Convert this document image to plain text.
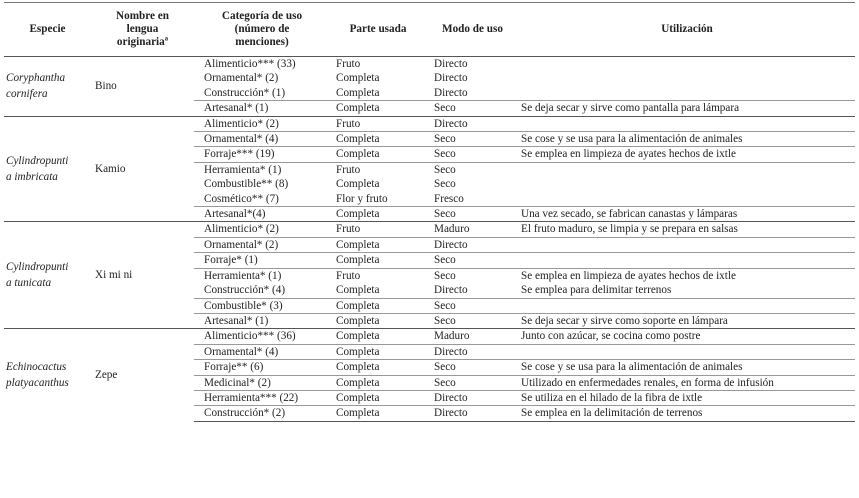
Especie	Nombre en
lengua
originariaª	Categoría de uso
(número de
menciones)	Parte usada	Modo de uso	Utilización
Coryphantha
cornifera	Bino	Alimenticio*** (33)	Fruto	Directo	
		Ornamental* (2)	Completa	Directo	
		Construcción* (1)	Completa	Directo	
		Artesanal* (1)	Completa	Seco	Se deja secar y sirve como pantalla para lámpara
Cylindropunti
a imbricata	Kamio	Alimenticio* (2)	Fruto	Directo	
		Ornamental* (4)	Completa	Seco	Se cose y se usa para la alimentación de animales
		Forraje*** (19)	Completa	Seco	Se emplea en limpieza de ayates hechos de ixtle
		Herramienta* (1)	Fruto	Seco	
		Combustible** (8)	Completa	Seco	
		Cosmético** (7)	Flor y fruto	Fresco	
		Artesanal*(4)	Completa	Seco	Una vez secado, se fabrican canastas y lámparas
Cylindropunti
a tunicata	Xi mi ni	Alimenticio* (2)	Fruto	Maduro	El fruto maduro, se limpia y se prepara en salsas
		Ornamental* (2)	Completa	Directo	
		Forraje* (1)	Completa	Seco	
		Herramienta* (1)	Fruto	Seco	Se emplea en limpieza de ayates hechos de ixtle
		Construcción* (4)	Completa	Directo	Se emplea para delimitar terrenos
		Combustible* (3)	Completa	Seco	
		Artesanal* (1)	Completa	Seco	Se deja secar y sirve como soporte en lámpara
Echinocactus
platyacanthus	Zepe	Alimenticio*** (36)	Completa	Maduro	Junto con azúcar, se cocina como postre
		Ornamental* (4)	Completa	Directo	
		Forraje** (6)	Completa	Seco	Se cose y se usa para la alimentación de animales
		Medicinal* (2)	Completa	Seco	Utilizado en enfermedades renales, en forma de infusión
		Herramienta*** (22)	Completa	Directo	Se utiliza en el hilado de la fibra de ixtle
		Construcción* (2)	Completa	Directo	Se emplea en la delimitación de terrenos
